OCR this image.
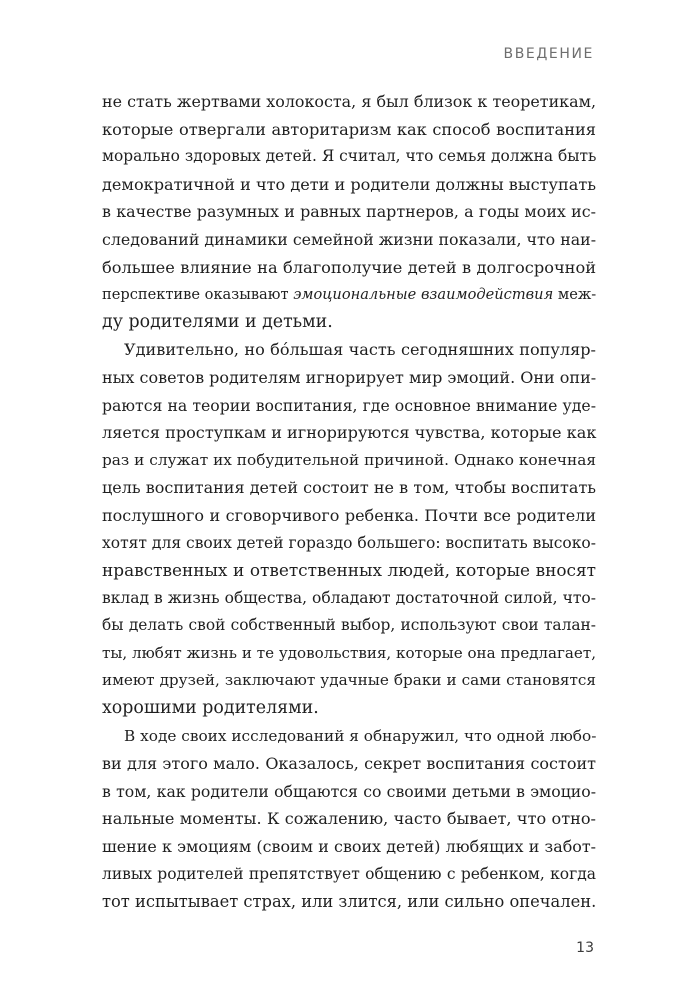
ВВЕДЕНИЕ
не стать жертвами холокоста, я был близок к теоретикам,
которые отвергали авторитаризм как способ воспитания
морально здоровых детей. Я считал, что семья должна быть
демократичной и что дети и родители должны выступать
в качестве разумных и равных партнеров, а годы моих ис-
следований динамики семейной жизни показали, что наи-
большее влияние на благополучие детей в долгосрочной
перспективе оказывают эмоциональные взаимодействия меж-
ду родителями и детьми.
Удивительно, но бо́льшая часть сегодняшних популяр-
ных советов родителям игнорирует мир эмоций. Они опи-
раются на теории воспитания, где основное внимание уде-
ляется проступкам и игнорируются чувства, которые как
раз и служат их побудительной причиной. Однако конечная
цель воспитания детей состоит не в том, чтобы воспитать
послушного и сговорчивого ребенка. Почти все родители
хотят для своих детей гораздо большего: воспитать высоко-
нравственных и ответственных людей, которые вносят
вклад в жизнь общества, обладают достаточной силой, что-
бы делать свой собственный выбор, используют свои талан-
ты, любят жизнь и те удовольствия, которые она предлагает,
имеют друзей, заключают удачные браки и сами становятся
хорошими родителями.
В ходе своих исследований я обнаружил, что одной любо-
ви для этого мало. Оказалось, секрет воспитания состоит
в том, как родители общаются со своими детьми в эмоцио-
нальные моменты. К сожалению, часто бывает, что отно-
шение к эмоциям (своим и своих детей) любящих и забот-
ливых родителей препятствует общению с ребенком, когда
тот испытывает страх, или злится, или сильно опечален.
13
